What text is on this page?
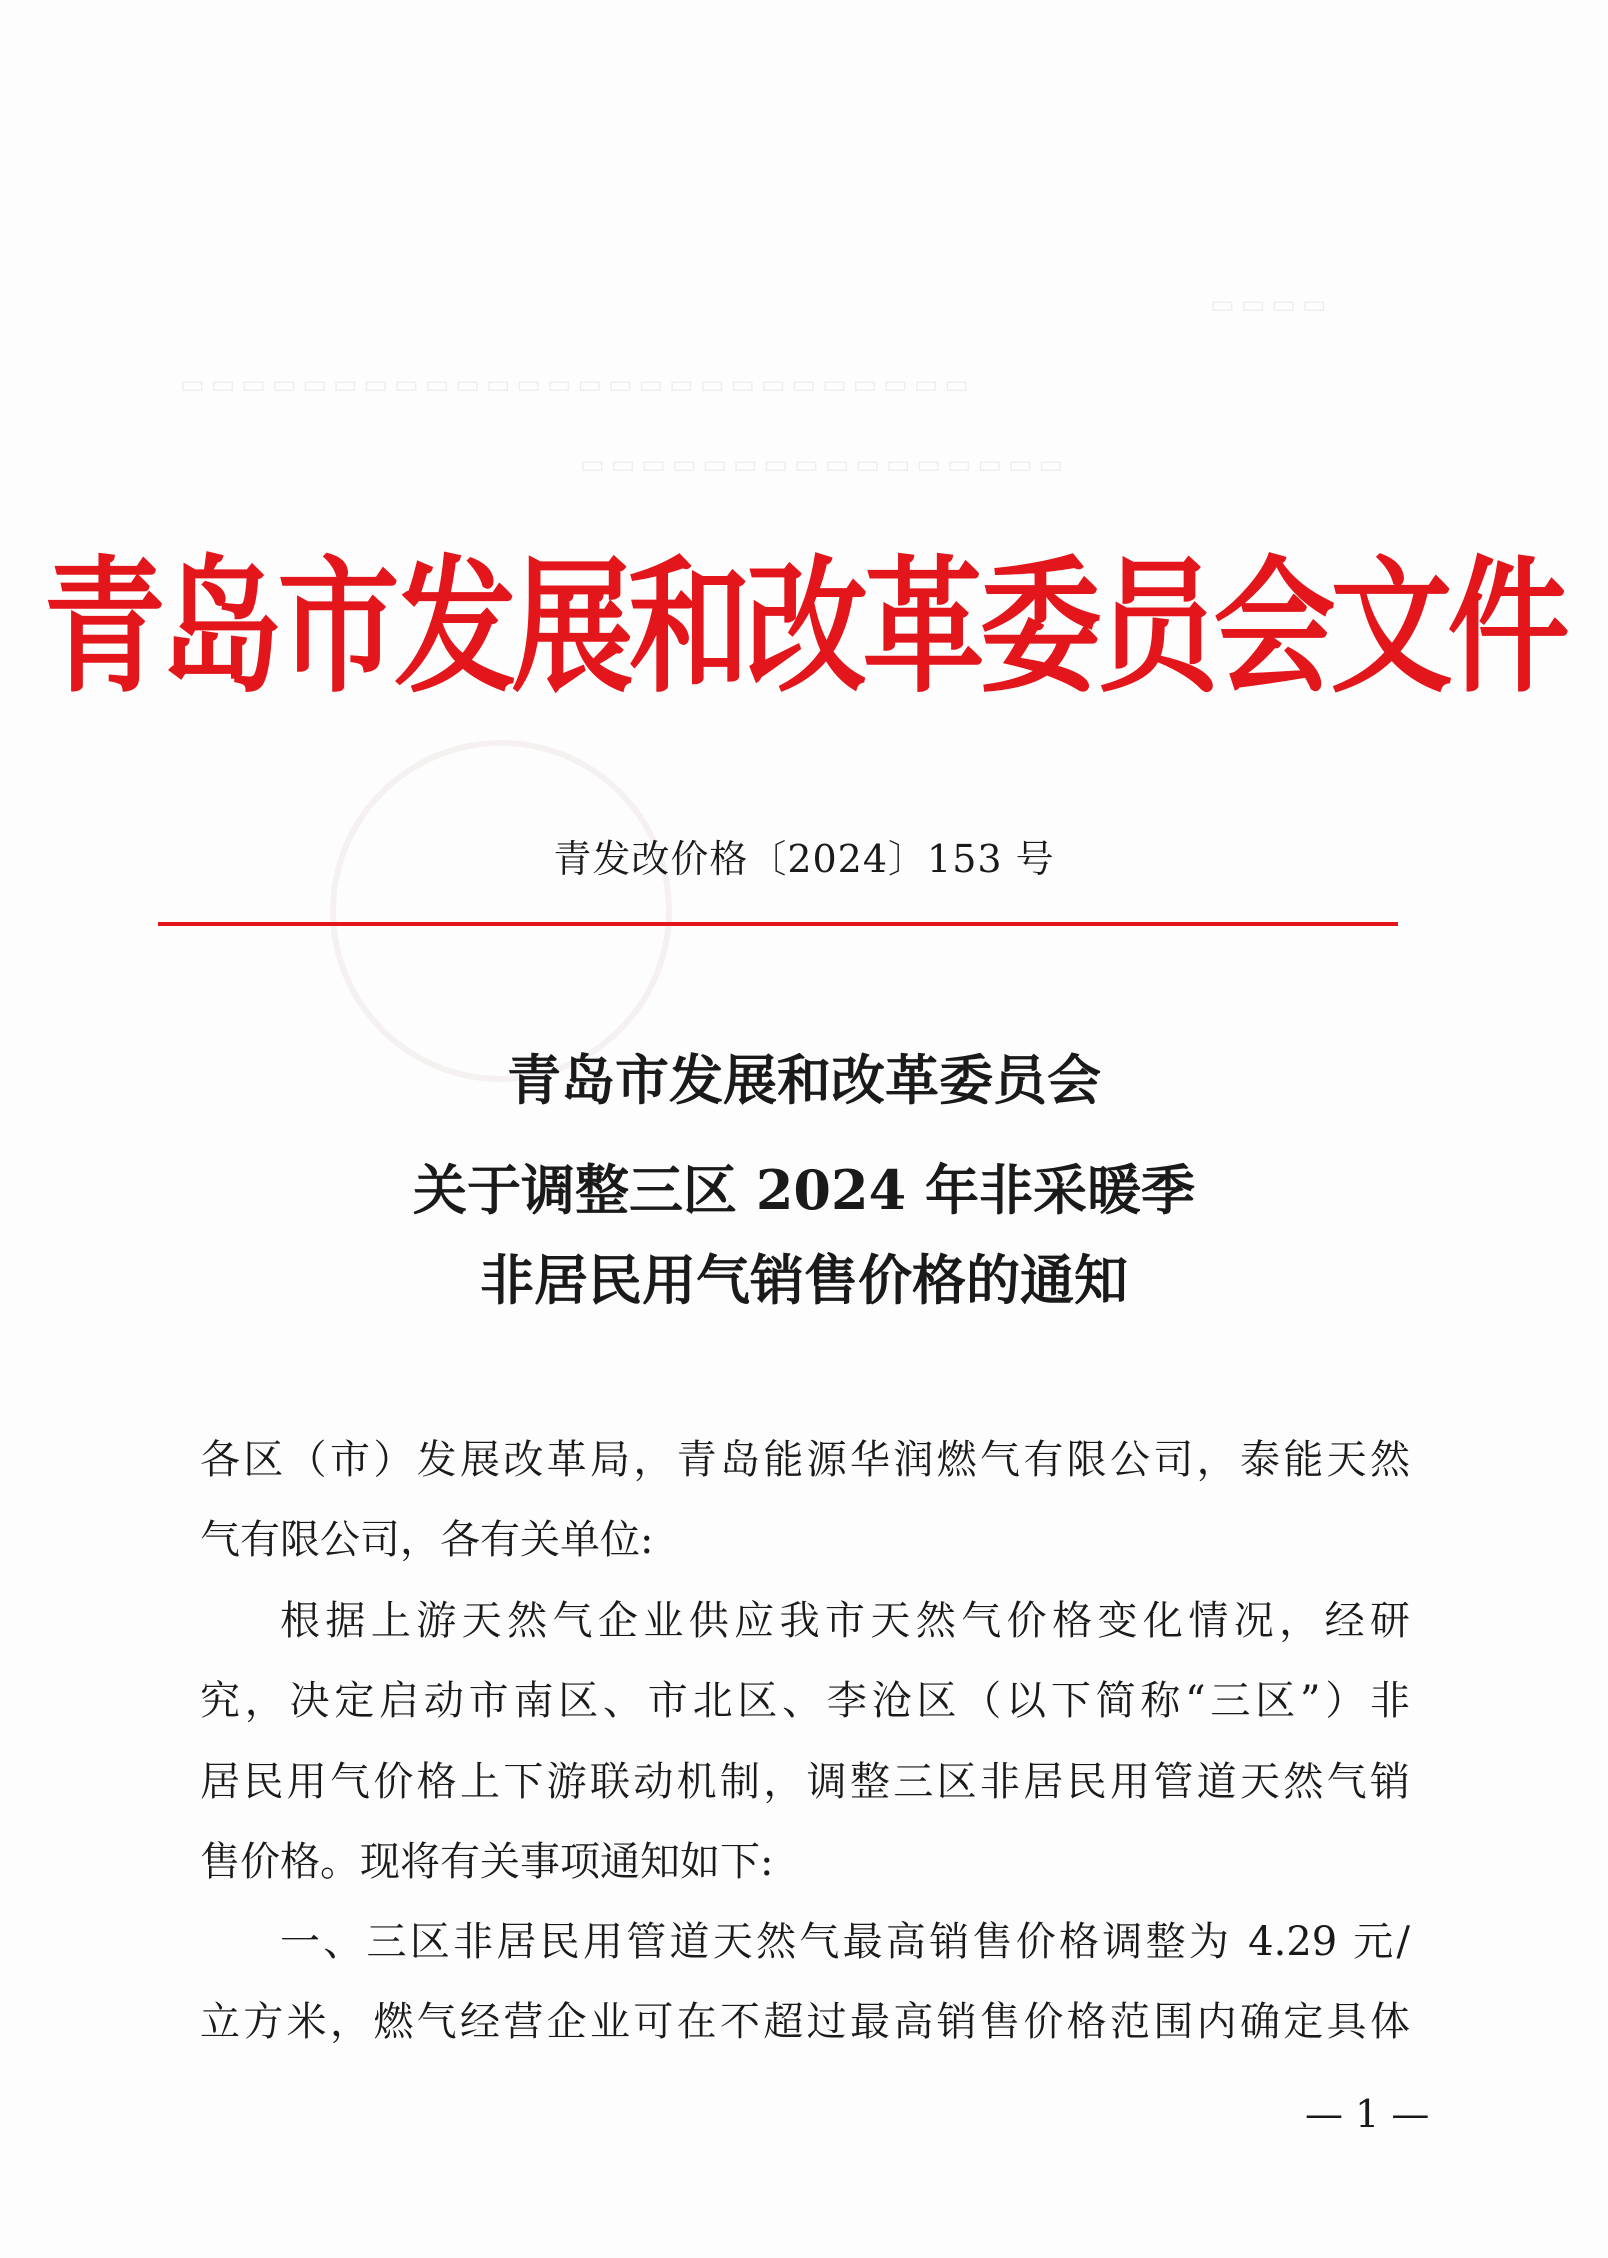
▭▭▭▭
▭▭▭▭▭▭▭▭▭▭▭▭▭▭▭▭▭▭▭▭▭▭▭▭▭▭
▭▭▭▭▭▭▭▭▭▭▭▭▭▭▭▭
青岛市发展和改革委员会文件
青发改价格〔2024〕153 号
青岛市发展和改革委员会
关于调整三区 2024 年非采暖季
非居民用气销售价格的通知
各区（市）发展改革局，青岛能源华润燃气有限公司，泰能天然
气有限公司，各有关单位:
根据上游天然气企业供应我市天然气价格变化情况，经研
究，决定启动市南区、市北区、李沧区（以下简称“三区”）非
居民用气价格上下游联动机制，调整三区非居民用管道天然气销
售价格。现将有关事项通知如下:
一、三区非居民用管道天然气最高销售价格调整为 4.29 元/
立方米，燃气经营企业可在不超过最高销售价格范围内确定具体
— 1 —
